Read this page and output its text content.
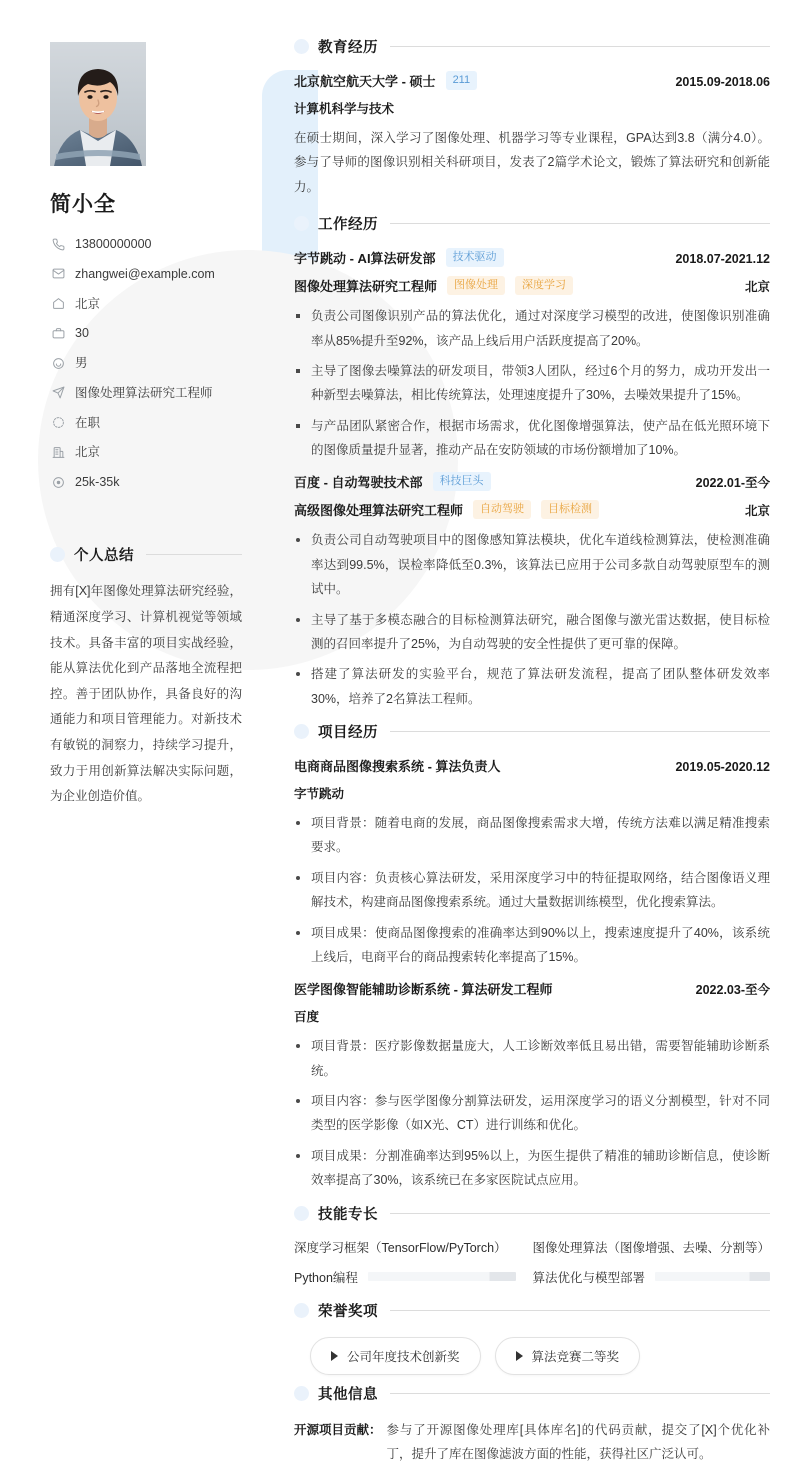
简小全
13800000000
zhangwei@example.com
北京
30
男
图像处理算法研究工程师
在职
北京
25k-35k
个人总结

拥有[X]年图像处理算法研究经验，精通深度学习、计算机视觉等领域技术。具备丰富的项目实战经验，能从算法优化到产品落地全流程把控。善于团队协作，具备良好的沟通能力和项目管理能力。对新技术有敏锐的洞察力，持续学习提升，致力于用创新算法解决实际问题，为企业创造价值。

教育经历
北京航空航天大学 - 硕士	211	2015.09-2018.06
计算机科学与技术

在硕士期间，深入学习了图像处理、机器学习等专业课程，GPA达到3.8（满分4.0）。参与了导师的图像识别相关科研项目，发表了2篇学术论文，锻炼了算法研究和创新能力。

工作经历
字节跳动 - AI算法研发部	技术驱动	2018.07-2021.12
图像处理算法研究工程师	图像处理	深度学习	北京
负责公司图像识别产品的算法优化，通过对深度学习模型的改进，使图像识别准确率从85%提升至92%，该产品上线后用户活跃度提高了20%。
主导了图像去噪算法的研发项目，带领3人团队，经过6个月的努力，成功开发出一种新型去噪算法，相比传统算法，处理速度提升了30%，去噪效果提升了15%。
与产品团队紧密合作，根据市场需求，优化图像增强算法，使产品在低光照环境下的图像质量提升显著，推动产品在安防领域的市场份额增加了10%。
百度 - 自动驾驶技术部	科技巨头	2022.01-至今
高级图像处理算法研究工程师	自动驾驶	目标检测	北京
负责公司自动驾驶项目中的图像感知算法模块，优化车道线检测算法，使检测准确率达到99.5%，误检率降低至0.3%，该算法已应用于公司多款自动驾驶原型车的测试中。
主导了基于多模态融合的目标检测算法研究，融合图像与激光雷达数据，使目标检测的召回率提升了25%，为自动驾驶的安全性提供了更可靠的保障。
搭建了算法研发的实验平台，规范了算法研发流程，提高了团队整体研发效率30%，培养了2名算法工程师。
项目经历
电商商品图像搜索系统 - 算法负责人	2019.05-2020.12
字节跳动
项目背景：随着电商的发展，商品图像搜索需求大增，传统方法难以满足精准搜索要求。
项目内容：负责核心算法研发，采用深度学习中的特征提取网络，结合图像语义理解技术，构建商品图像搜索系统。通过大量数据训练模型，优化搜索算法。
项目成果：使商品图像搜索的准确率达到90%以上，搜索速度提升了40%，该系统上线后，电商平台的商品搜索转化率提高了15%。
医学图像智能辅助诊断系统 - 算法研发工程师	2022.03-至今
百度
项目背景：医疗影像数据量庞大，人工诊断效率低且易出错，需要智能辅助诊断系统。
项目内容：参与医学图像分割算法研发，运用深度学习的语义分割模型，针对不同类型的医学影像（如X光、CT）进行训练和优化。
项目成果：分割准确率达到95%以上，为医生提供了精准的辅助诊断信息，使诊断效率提高了30%，该系统已在多家医院试点应用。
技能专长
深度学习框架（TensorFlow/PyTorch） 图像处理算法（图像增强、去噪、分割等）
Python编程	算法优化与模型部署
荣誉奖项
公司年度技术创新奖	算法竞赛二等奖
其他信息
开源项目贡献： 参与了开源图像处理库[具体库名]的代码贡献，提交了[X]个优化补丁，提升了库在图像滤波方面的性能，获得社区广泛认可。
